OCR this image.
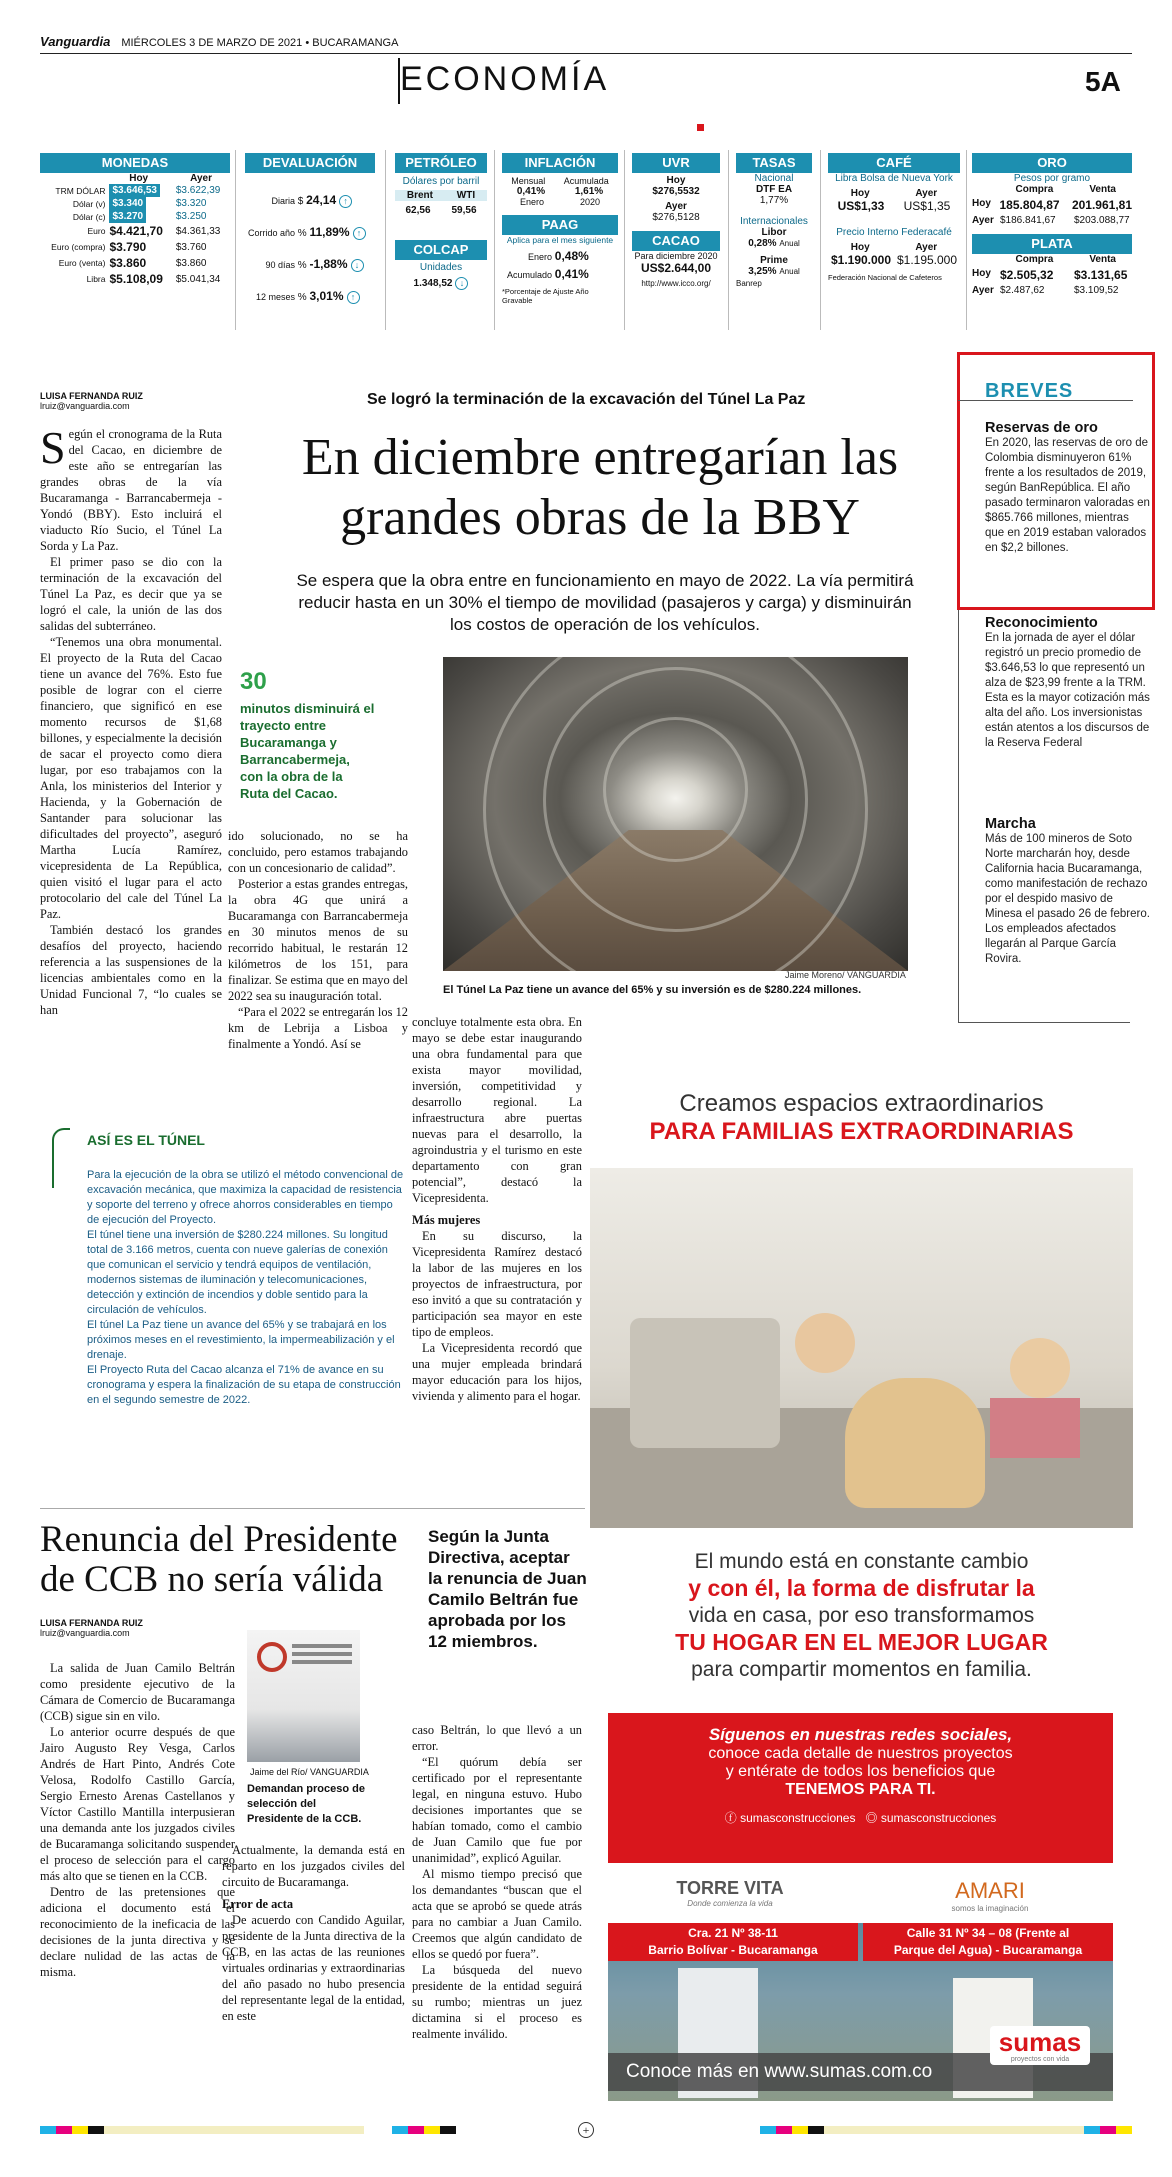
Vanguardia MIÉRCOLES 3 DE MARZO DE 2021 • BUCARAMANGA
ECONOMÍA	5A
MONEDAS
Hoy	Ayer
TRM DÓLAR	$3.646,53	$3.622,39
Dólar (v)	$3.340	$3.320
Dólar (c)	$3.270	$3.250
Euro	$4.421,70	$4.361,33
Euro (compra)	$3.790	$3.760
Euro (venta)	$3.860	$3.860
Libra	$5.108,09	$5.041,34
DEVALUACIÓN
Diaria $ 24,14 ↑
Corrido año % 11,89% ↑
90 días % -1,88% ↓
12 meses % 3,01% ↑
PETRÓLEO
Dólares por barril
Brent WTI
62,56 59,56
COLCAP
Unidades
1.348,52 ↓
INFLACIÓN
Mensual Acumulada
0,41%	1,61%
Enero	2020
PAAG
Aplica para el mes siguiente
Enero 0,48%
Acumulado 0,41%
*Porcentaje de Ajuste Año Gravable
UVR
Hoy
$276,5532
Ayer
$276,5128
CACAO
Para diciembre 2020
US$2.644,00
http://www.icco.org/
TASAS
Nacional
DTF EA
1,77%
Internacionales
Libor
0,28% Anual
Prime
3,25% Anual
Banrep
CAFÉ
Libra Bolsa de Nueva York
Hoy	Ayer
US$1,33 US$1,35
Precio Interno Federacafé
Hoy	Ayer
$1.190.000 $1.195.000
Federación Nacional de Cafeteros
ORO
Pesos por gramo
Compra	Venta
Hoy 185.804,87	201.961,81
Ayer $186.841,67	$203.088,77
PLATA
Compra	Venta
Hoy $2.505,32	$3.131,65
Ayer $2.487,62	$3.109,52
LUISA FERNANDA RUIZ
lruiz@vanguardia.com	Se logró la terminación de la excavación del Túnel La Paz
En diciembre entregarían las grandes obras de la BBY
Se espera que la obra entre en funcionamiento en mayo de 2022. La vía permitirá reducir hasta en un 30% el tiempo de movilidad (pasajeros y carga) y disminuirán los costos de operación de los vehículos.
S egún el cronograma de la Ruta del Cacao, en diciembre de este año se entregarían las grandes obras de la vía Bucaramanga - Barrancabermeja - Yondó (BBY). Esto incluirá el viaducto Río Sucio, el Túnel La Sorda y La Paz.

El primer paso se dio con la terminación de la excavación del Túnel La Paz, es decir que ya se logró el cale, la unión de las dos salidas del subterráneo.

“Tenemos una obra monumental. El proyecto de la Ruta del Cacao tiene un avance del 76%. Esto fue posible de lograr con el cierre financiero, que significó en ese momento recursos de $1,68 billones, y especialmente la decisión de sacar el proyecto como diera lugar, por eso trabajamos con la Anla, los ministerios del Interior y Hacienda, y la Gobernación de Santander para solucionar las dificultades del proyecto”, aseguró Martha Lucía Ramírez, vicepresidenta de La República, quien visitó el lugar para el acto protocolario del cale del Túnel La Paz.

También destacó los grandes desafíos del proyecto, haciendo referencia a las suspensiones de la licencias ambientales como en la Unidad Funcional 7, “lo cuales se han

30
minutos disminuirá el trayecto entre Bucaramanga y Barrancabermeja, con la obra de la Ruta del Cacao.

ido solucionado, no se ha concluido, pero estamos trabajando con un concesionario de calidad”.

Posterior a estas grandes entregas, la obra 4G que unirá a Bucaramanga con Barrancabermeja en 30 minutos menos de su recorrido habitual, le restarán 12 kilómetros de los 151, para finalizar. Se estima que en mayo del 2022 sea su inauguración total.

“Para el 2022 se entregarán los 12 km de Lebrija a Lisboa y finalmente a Yondó. Así se

Jaime Moreno/ VANGUARDIA
El Túnel La Paz tiene un avance del 65% y su inversión es de $280.224 millones.

concluye totalmente esta obra. En mayo se debe estar inaugurando una obra fundamental para que exista mayor movilidad, inversión, competitividad y desarrollo regional. La infraestructura abre puertas nuevas para el desarrollo, la agroindustria y el turismo en este departamento con gran potencial”, destacó la Vicepresidenta.

Más mujeres

En su discurso, la Vicepresidenta Ramírez destacó la labor de las mujeres en los proyectos de infraestructura, por eso invitó a que su contratación y participación sea mayor en este tipo de empleos.

La Vicepresidenta recordó que una mujer empleada brindará mayor educación para los hijos, vivienda y alimento para el hogar.

ASÍ ES EL TÚNEL

Para la ejecución de la obra se utilizó el método convencional de excavación mecánica, que maximiza la capacidad de resistencia y soporte del terreno y ofrece ahorros considerables en tiempo de ejecución del Proyecto.

El túnel tiene una inversión de $280.224 millones. Su longitud total de 3.166 metros, cuenta con nueve galerías de conexión que comunican el servicio y tendrá equipos de ventilación, modernos sistemas de iluminación y telecomunicaciones, detección y extinción de incendios y doble sentido para la circulación de vehículos.

El túnel La Paz tiene un avance del 65% y se trabajará en los próximos meses en el revestimiento, la impermeabilización y el drenaje.

El Proyecto Ruta del Cacao alcanza el 71% de avance en su cronograma y espera la finalización de su etapa de construcción en el segundo semestre de 2022.

BREVES
Reservas de oro
En 2020, las reservas de oro de Colombia disminuyeron 61% frente a los resultados de 2019, según BanRepública. El año pasado terminaron valoradas en $865.766 millones, mientras que en 2019 estaban valorados en $2,2 billones.
Reconocimiento
En la jornada de ayer el dólar registró un precio promedio de $3.646,53 lo que representó un alza de $23,99 frente a la TRM. Esta es la mayor cotización más alta del año. Los inversionistas están atentos a los discursos de la Reserva Federal
Marcha
Más de 100 mineros de Soto Norte marcharán hoy, desde California hacia Bucaramanga, como manifestación de rechazo por el despido masivo de Minesa el pasado 26 de febrero. Los empleados afectados llegarán al Parque García Rovira.
Creamos espacios extraordinarios
PARA FAMILIAS EXTRAORDINARIAS
El mundo está en constante cambio
y con él, la forma de disfrutar la
vida en casa, por eso transformamos
TU HOGAR EN EL MEJOR LUGAR
para compartir momentos en familia.
Síguenos en nuestras redes sociales,
conoce cada detalle de nuestros proyectos
y entérate de todos los beneficios que
TENEMOS PARA TI.
ⓕ sumasconstrucciones ◎ sumasconstrucciones
TORRE VITA
Donde comienza la vida
AMARI
somos la imaginación
Cra. 21 Nº 38-11
Barrio Bolívar - Bucaramanga
Calle 31 Nº 34 – 08 (Frente al
Parque del Agua) - Bucaramanga
Conoce más en www.sumas.com.co
sumas
proyectos con vida
Renuncia del Presidente de CCB no sería válida
Según la Junta Directiva, aceptar la renuncia de Juan Camilo Beltrán fue aprobada por los 12 miembros.
LUISA FERNANDA RUIZ
lruiz@vanguardia.com

La salida de Juan Camilo Beltrán como presidente ejecutivo de la Cámara de Comercio de Bucaramanga (CCB) sigue sin en vilo.

Lo anterior ocurre después de que Jairo Augusto Rey Vesga, Carlos Andrés de Hart Pinto, Andrés Cote Velosa, Rodolfo Castillo García, Sergio Ernesto Arenas Castellanos y Víctor Castillo Mantilla interpusieran una demanda ante los juzgados civiles de Bucaramanga solicitando suspender el proceso de selección para el cargo más alto que se tienen en la CCB.

Dentro de las pretensiones que adiciona el documento está el reconocimiento de la ineficacia de las decisiones de la junta directiva y se declare nulidad de las actas de la misma.

Jaime del Río/ VANGUARDIA
Demandan proceso de selección del Presidente de la CCB.

Actualmente, la demanda está en reparto en los juzgados civiles del circuito de Bucaramanga.

Error de acta

De acuerdo con Candido Aguilar, presidente de la Junta directiva de la CCB, en las actas de las reuniones virtuales ordinarias y extraordinarias del año pasado no hubo presencia del representante legal de la entidad, en este

caso Beltrán, lo que llevó a un error.

“El quórum debía ser certificado por el representante legal, en ninguna estuvo. Hubo decisiones importantes que se habían tomado, como el cambio de Juan Camilo que fue por unanimidad”, explicó Aguilar.

Al mismo tiempo precisó que los demandantes “buscan que el acta que se aprobó se quede atrás para no cambiar a Juan Camilo. Creemos que algún candidato de ellos se quedó por fuera”.

La búsqueda del nuevo presidente de la entidad seguirá su rumbo; mientras un juez dictamina si el proceso es realmente inválido.

+
